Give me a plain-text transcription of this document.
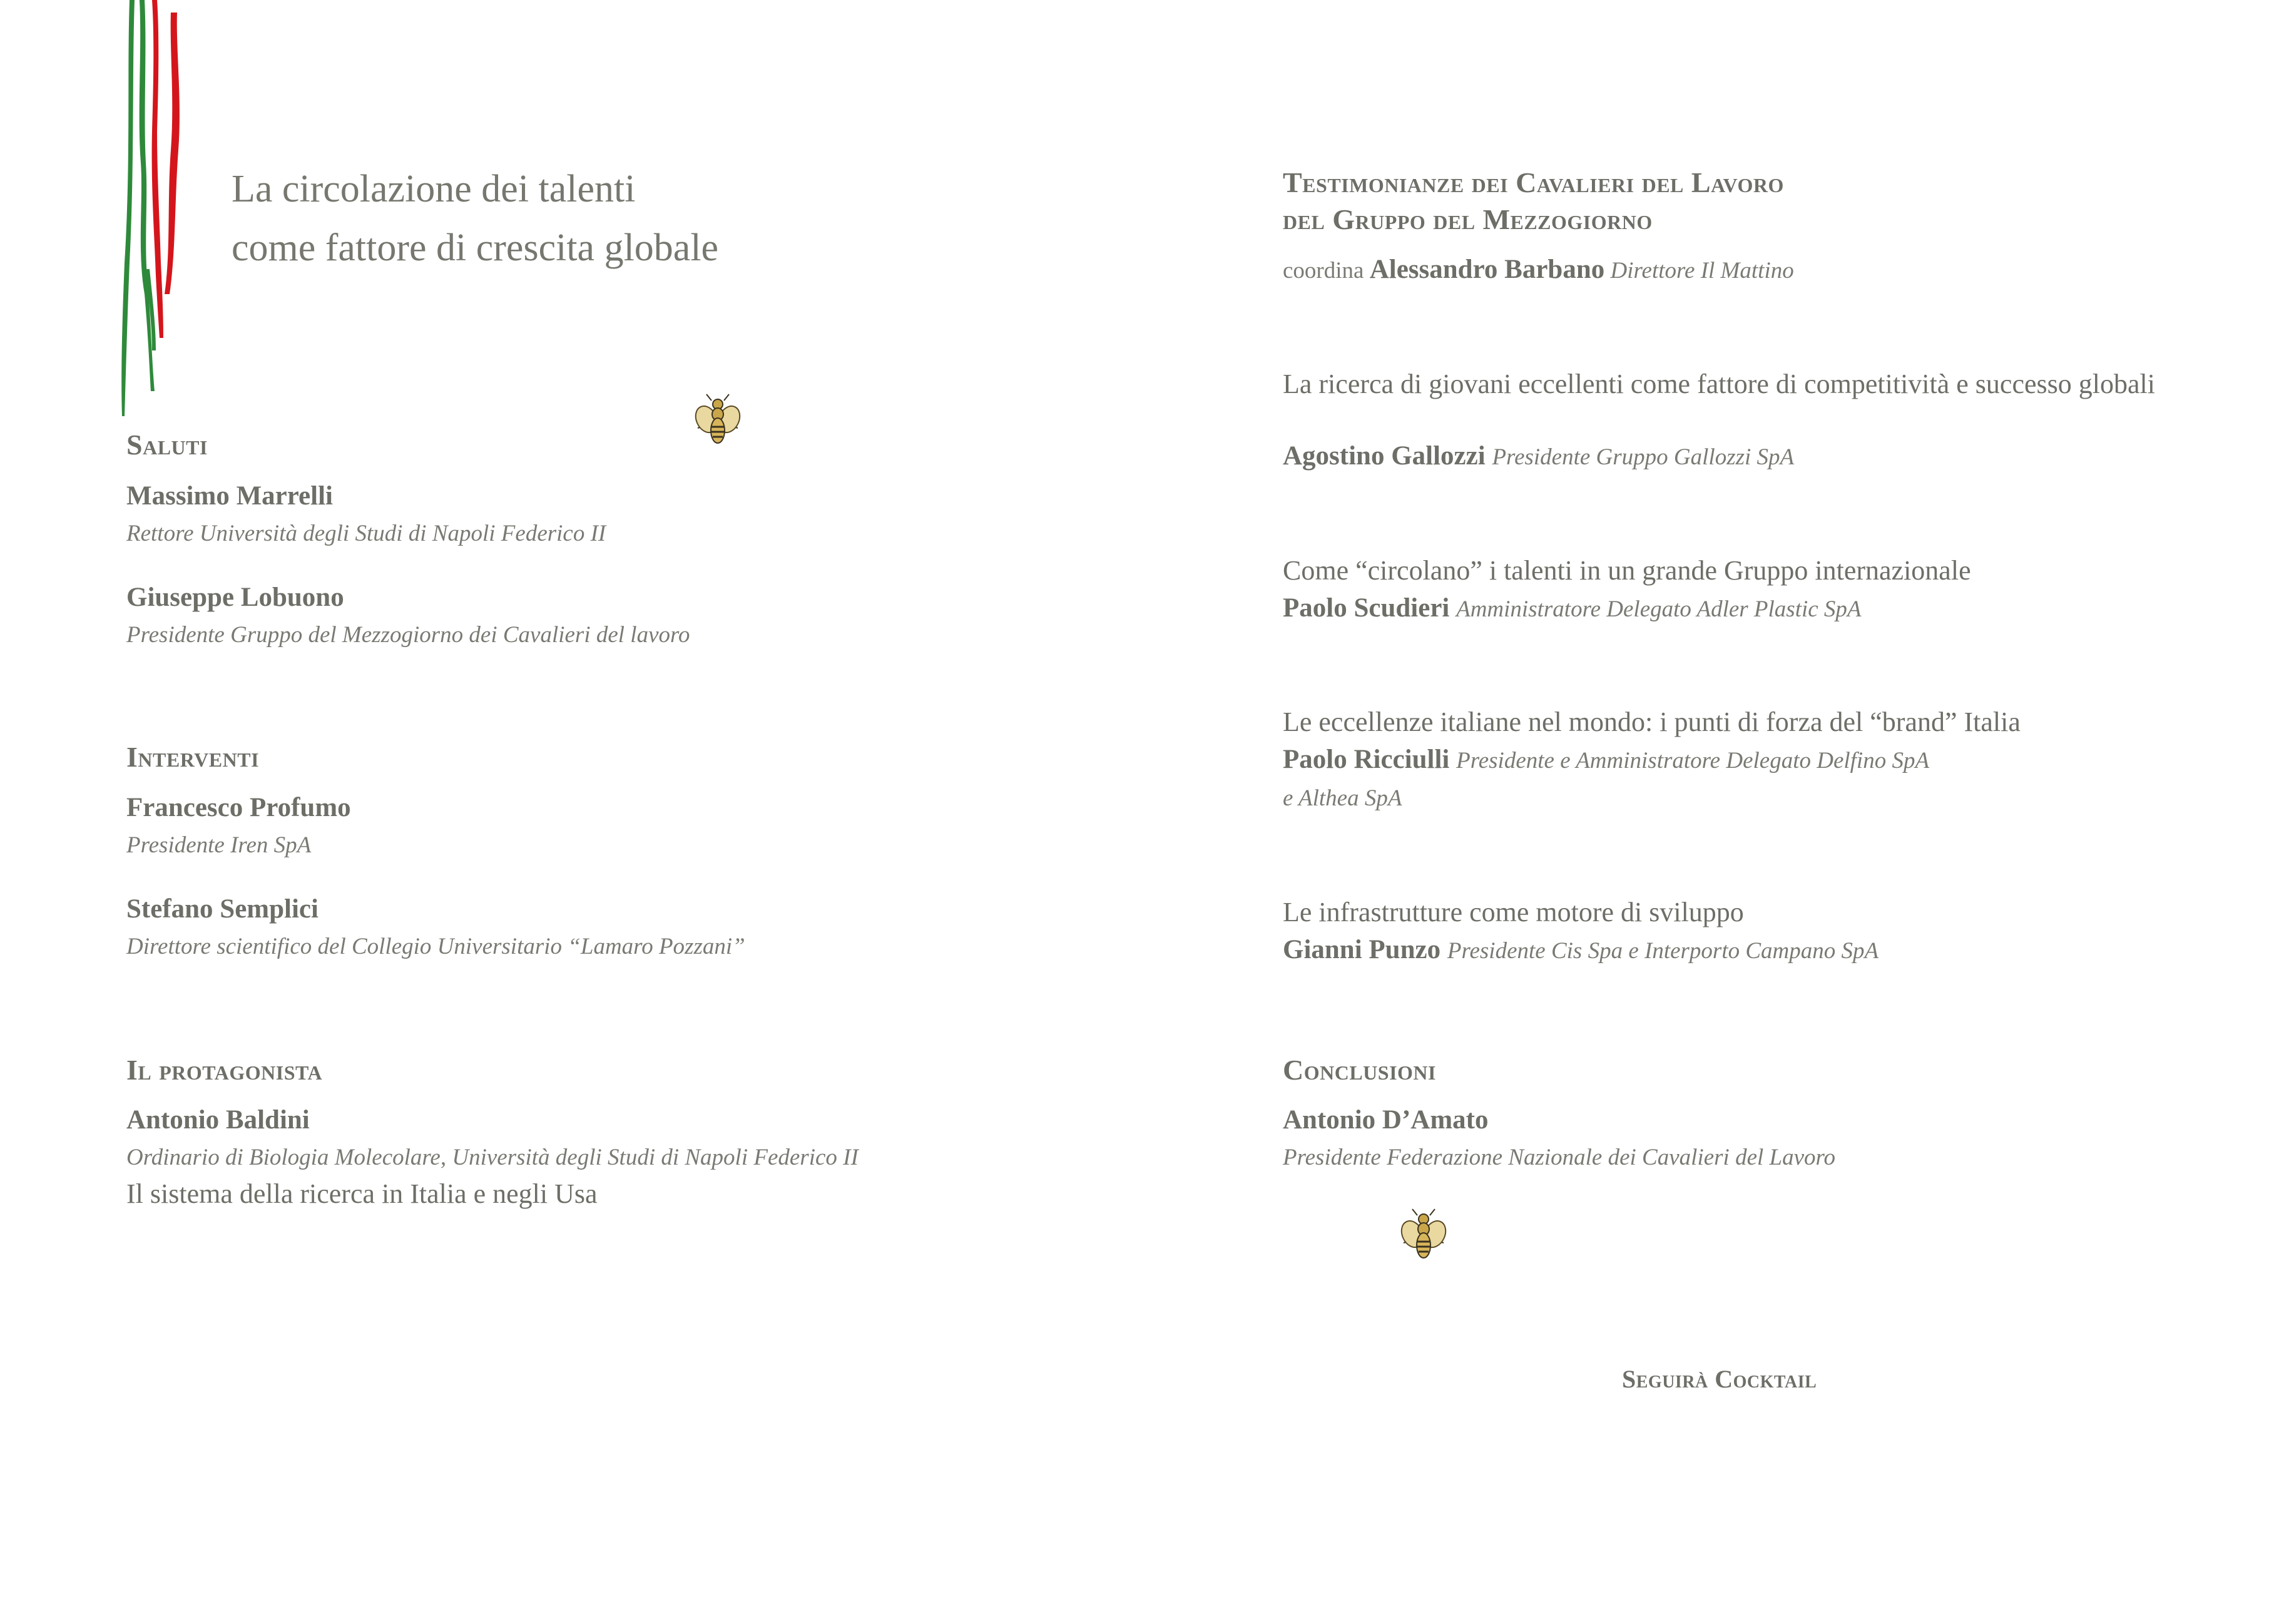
La circolazione dei talenti
come fattore di crescita globale
Saluti
Massimo Marrelli
Rettore Università degli Studi di Napoli Federico II
Giuseppe Lobuono
Presidente Gruppo del Mezzogiorno dei Cavalieri del lavoro
Interventi
Francesco Profumo
Presidente Iren SpA
Stefano Semplici
Direttore scientifico del Collegio Universitario “Lamaro Pozzani”
Il protagonista
Antonio Baldini
Ordinario di Biologia Molecolare, Università degli Studi di Napoli Federico II
Il sistema della ricerca in Italia e negli Usa
Testimonianze dei Cavalieri del Lavoro
del Gruppo del Mezzogiorno
coordina Alessandro Barbano Direttore Il Mattino
La ricerca di giovani eccellenti come fattore di competitività e successo globali
Agostino Gallozzi Presidente Gruppo Gallozzi SpA
Come “circolano” i talenti in un grande Gruppo internazionale
Paolo Scudieri Amministratore Delegato Adler Plastic SpA
Le eccellenze italiane nel mondo: i punti di forza del “brand” Italia
Paolo Ricciulli Presidente e Amministratore Delegato Delfino SpA
e Althea SpA
Le infrastrutture come motore di sviluppo
Gianni Punzo Presidente Cis Spa e Interporto Campano SpA
Conclusioni
Antonio D’Amato
Presidente Federazione Nazionale dei Cavalieri del Lavoro
Seguirà Cocktail
